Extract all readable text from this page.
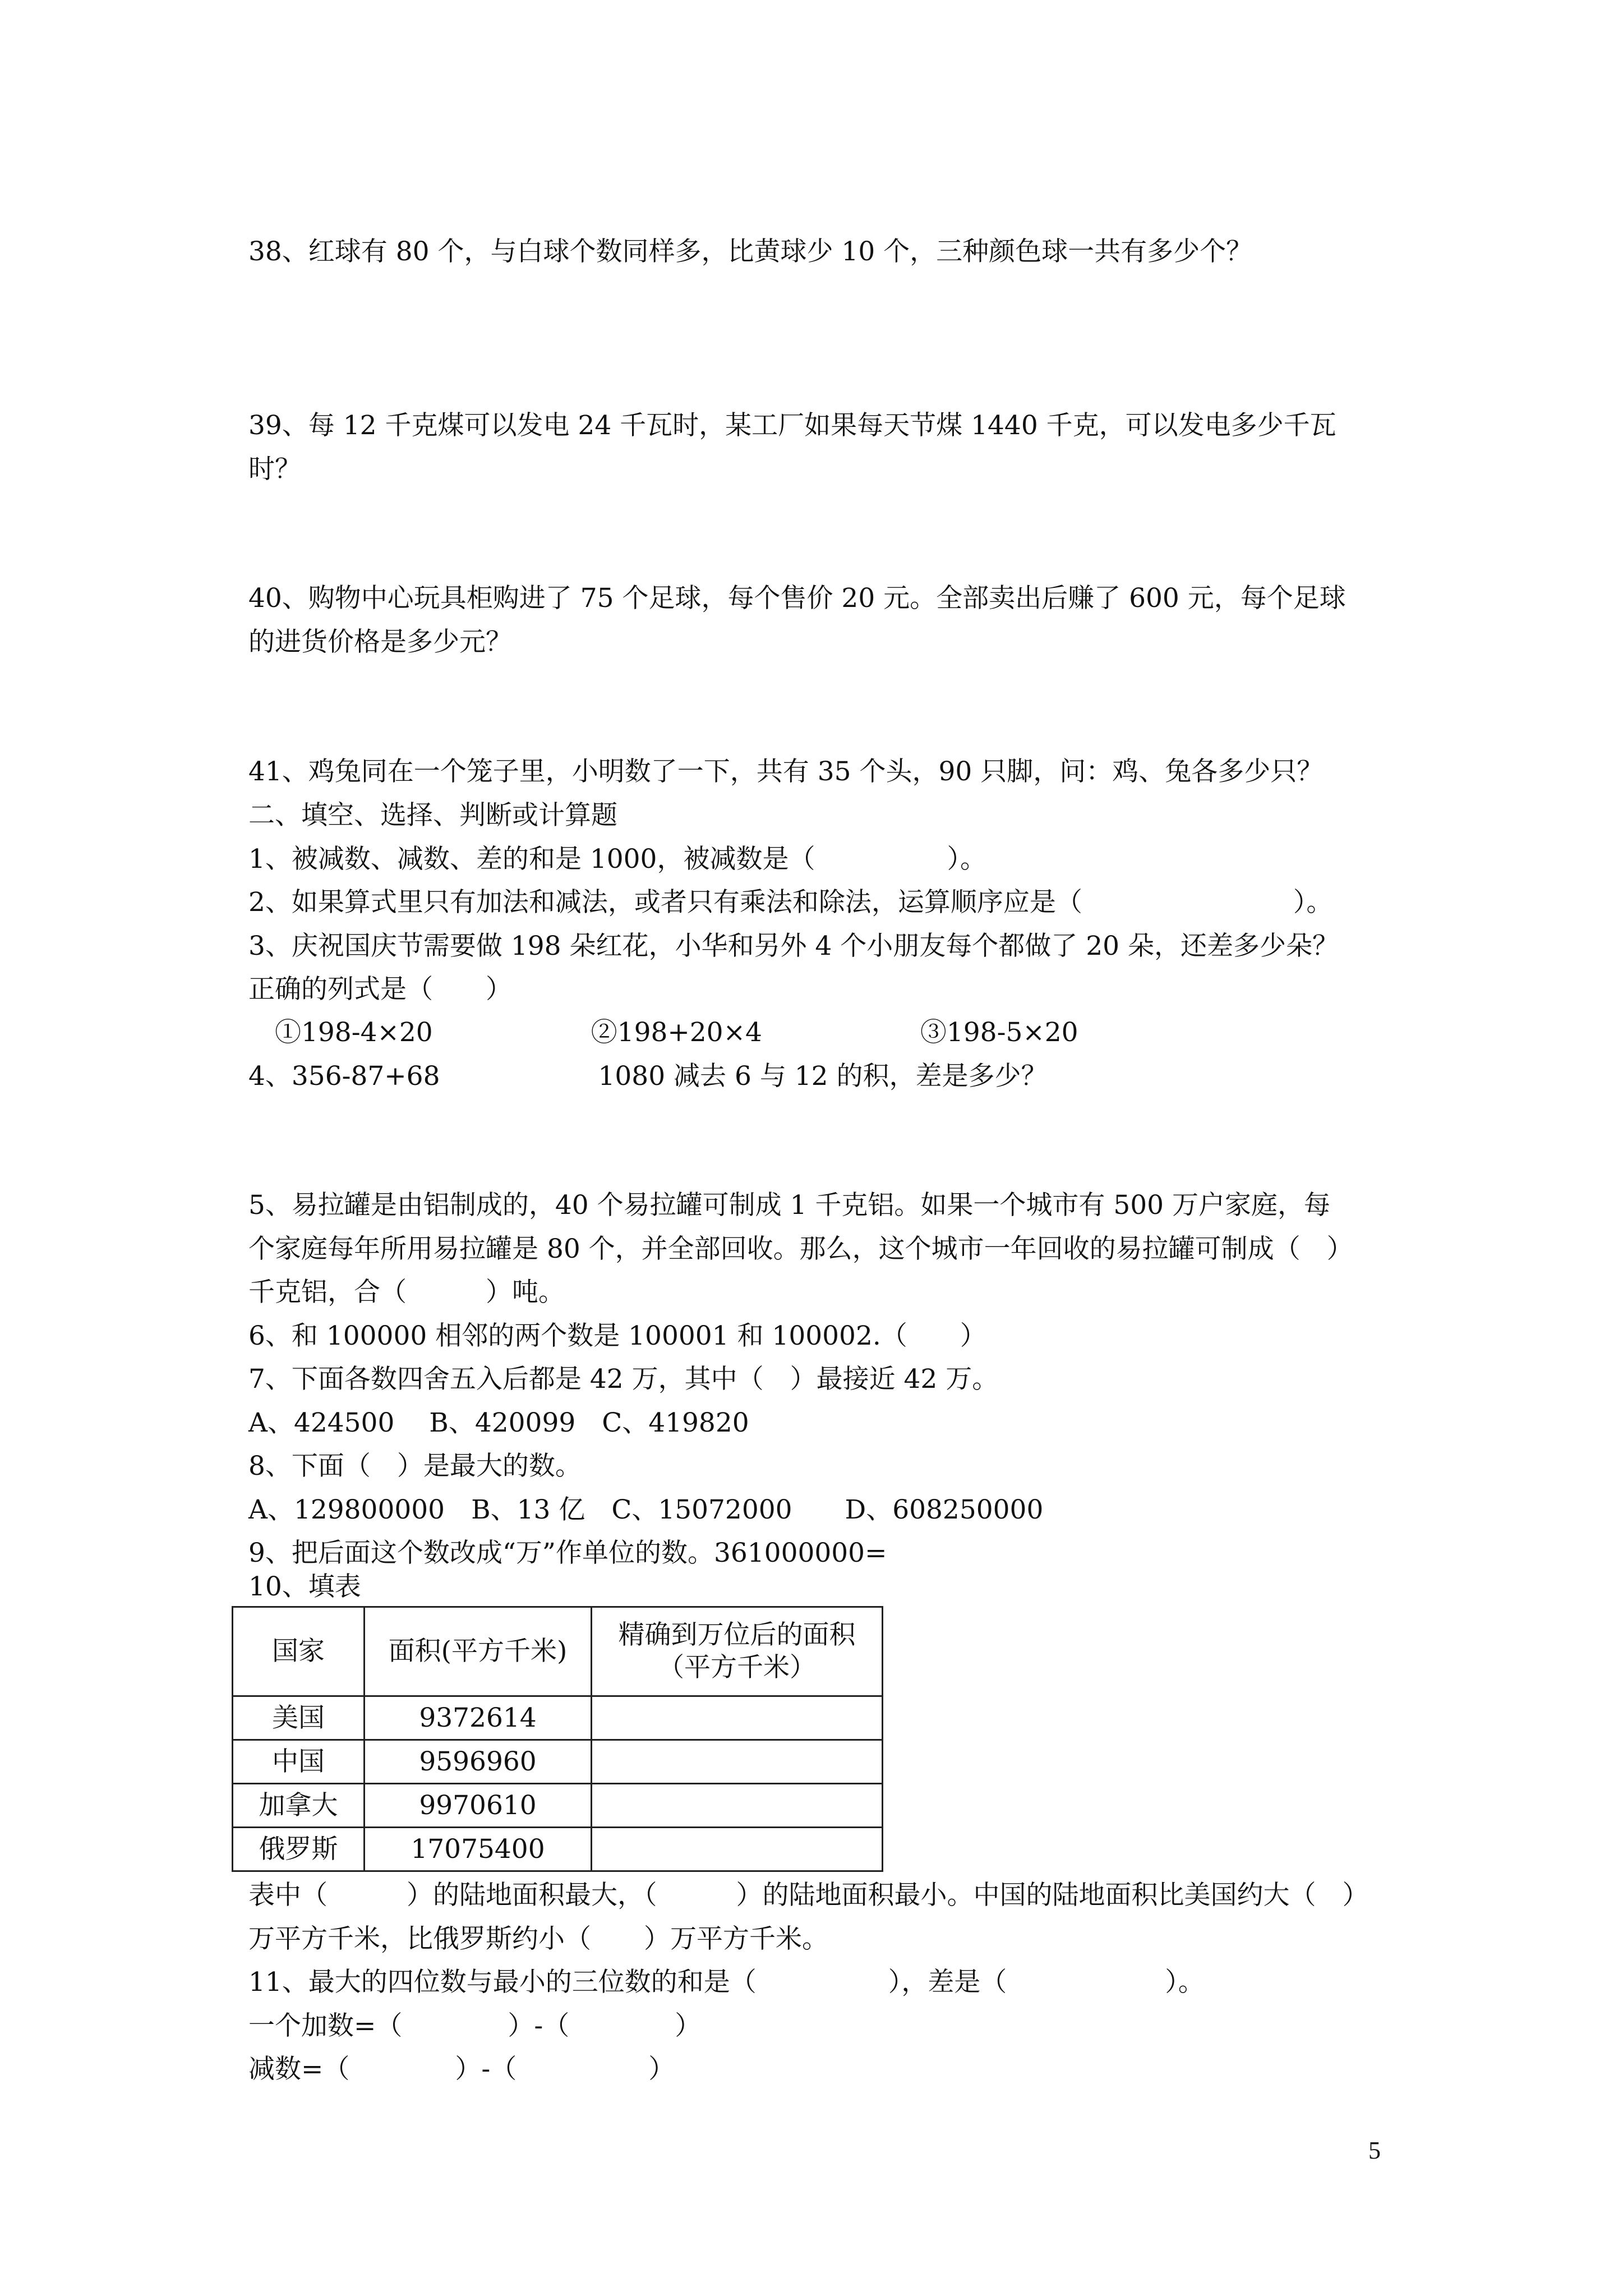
38、红球有 80 个，与白球个数同样多，比黄球少 10 个，三种颜色球一共有多少个？
39、每 12 千克煤可以发电 24 千瓦时，某工厂如果每天节煤 1440 千克，可以发电多少千瓦
时？
40、购物中心玩具柜购进了 75 个足球，每个售价 20 元。全部卖出后赚了 600 元，每个足球
的进货价格是多少元？
41、鸡兔同在一个笼子里，小明数了一下，共有 35 个头，90 只脚，问：鸡、兔各多少只？
二、填空、选择、判断或计算题
1、被减数、减数、差的和是 1000，被减数是（　　　　　）。
2、如果算式里只有加法和减法，或者只有乘法和除法，运算顺序应是（　　　　　　　　）。
3、庆祝国庆节需要做 198 朵红花，小华和另外 4 个小朋友每个都做了 20 朵，还差多少朵？
正确的列式是（　　）
　①198-4×20　　　　　　②198+20×4　　　　　　③198-5×20
4、356-87+68　　　　　　1080 减去 6 与 12 的积，差是多少？
5、易拉罐是由铝制成的，40 个易拉罐可制成 1 千克铝。如果一个城市有 500 万户家庭，每
个家庭每年所用易拉罐是 80 个，并全部回收。那么，这个城市一年回收的易拉罐可制成（　）
千克铝，合（　　　）吨。
6、和 100000 相邻的两个数是 100001 和 100002.（　　）
7、下面各数四舍五入后都是 42 万，其中（　）最接近 42 万。
A、424500　 B、420099　C、419820
8、下面（　）是最大的数。
A、129800000　B、13 亿　C、15072000　　D、608250000
9、把后面这个数改成“万”作单位的数。361000000=
10、填表
国家	面积(平方千米)	精确到万位后的面积
（平方千米）

美国	9372614	
中国	9596960	
加拿大	9970610	
俄罗斯	17075400	
表中（　　　）的陆地面积最大，（　　　）的陆地面积最小。中国的陆地面积比美国约大（　）
万平方千米，比俄罗斯约小（　　）万平方千米。
11、最大的四位数与最小的三位数的和是（　　　　　），差是（　　　　　　）。
一个加数=（　　　　）-（　　　　）
减数=（　　　　）-（　　　　　）
5
